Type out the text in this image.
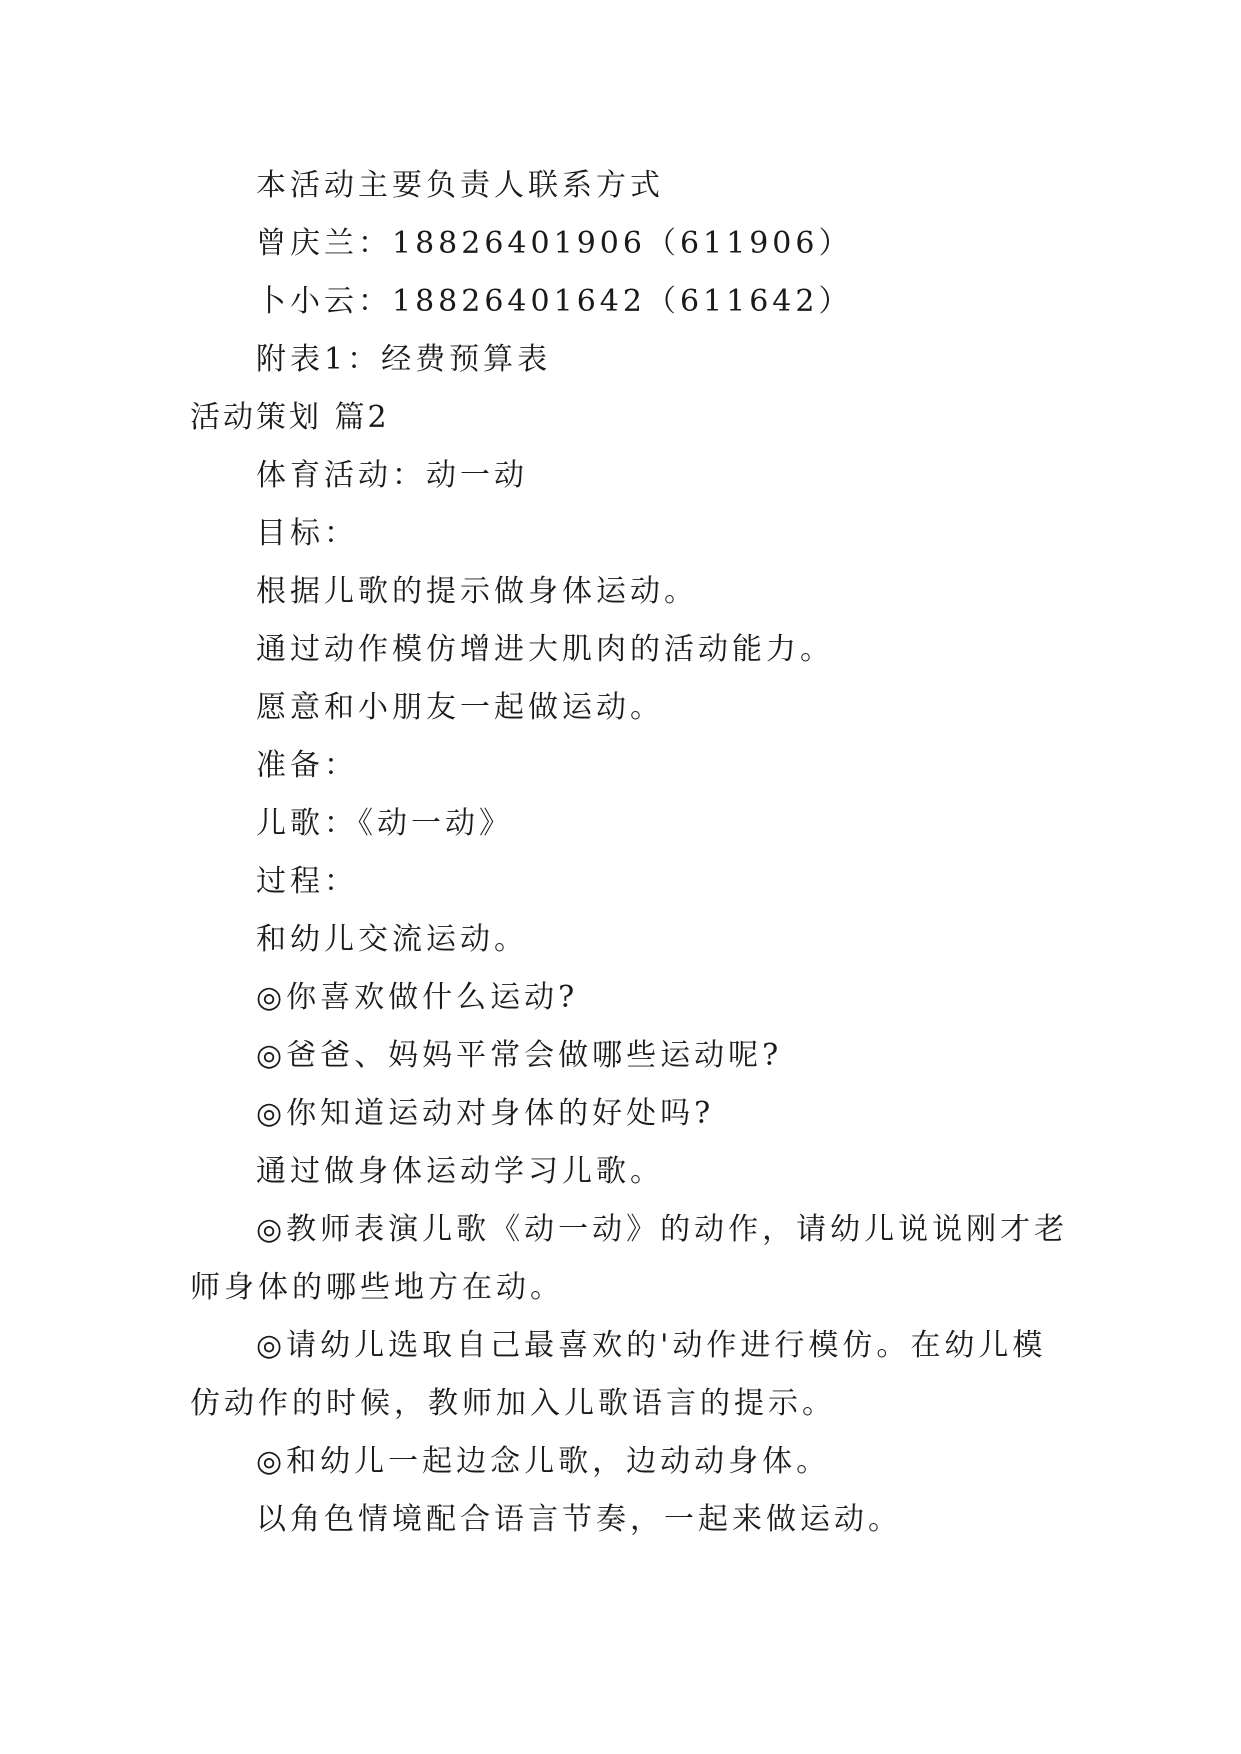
本活动主要负责人联系方式
曾庆兰：18826401906（611906）
卜小云：18826401642（611642）
附表1：经费预算表
活动策划 篇2
体育活动：动一动
目标：
根据儿歌的提示做身体运动。
通过动作模仿增进大肌肉的活动能力。
愿意和小朋友一起做运动。
准备：
儿歌：《动一动》
过程：
和幼儿交流运动。
◎你喜欢做什么运动?
◎爸爸、妈妈平常会做哪些运动呢?
◎你知道运动对身体的好处吗?
通过做身体运动学习儿歌。
◎教师表演儿歌《动一动》的动作，请幼儿说说刚才老
师身体的哪些地方在动。
◎请幼儿选取自己最喜欢的'动作进行模仿。在幼儿模
仿动作的时候，教师加入儿歌语言的提示。
◎和幼儿一起边念儿歌，边动动身体。
以角色情境配合语言节奏，一起来做运动。
